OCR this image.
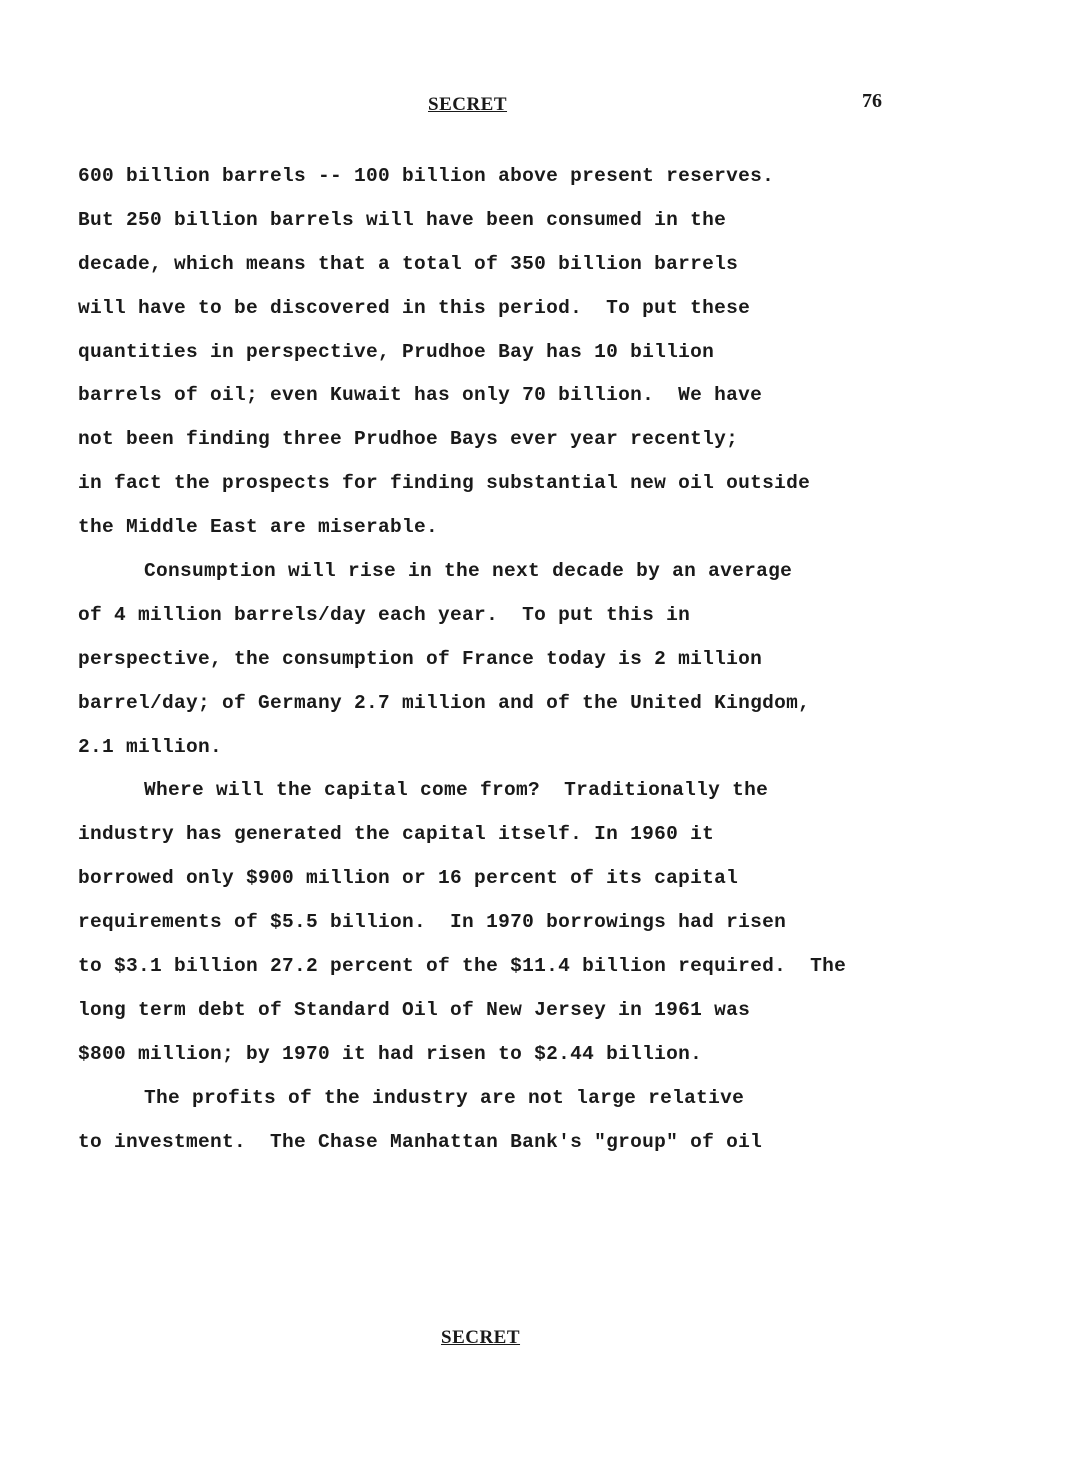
SECRET	76
600 billion barrels -- 100 billion above present reserves.
But 250 billion barrels will have been consumed in the
decade, which means that a total of 350 billion barrels
will have to be discovered in this period.  To put these
quantities in perspective, Prudhoe Bay has 10 billion
barrels of oil; even Kuwait has only 70 billion.  We have
not been finding three Prudhoe Bays ever year recently;
in fact the prospects for finding substantial new oil outside
the Middle East are miserable.
Consumption will rise in the next decade by an average
of 4 million barrels/day each year.  To put this in
perspective, the consumption of France today is 2 million
barrel/day; of Germany 2.7 million and of the United Kingdom,
2.1 million.
Where will the capital come from?  Traditionally the
industry has generated the capital itself. In 1960 it
borrowed only $900 million or 16 percent of its capital
requirements of $5.5 billion.  In 1970 borrowings had risen
to $3.1 billion 27.2 percent of the $11.4 billion required.  The
long term debt of Standard Oil of New Jersey in 1961 was
$800 million; by 1970 it had risen to $2.44 billion.
The profits of the industry are not large relative
to investment.  The Chase Manhattan Bank's "group" of oil
SECRET
